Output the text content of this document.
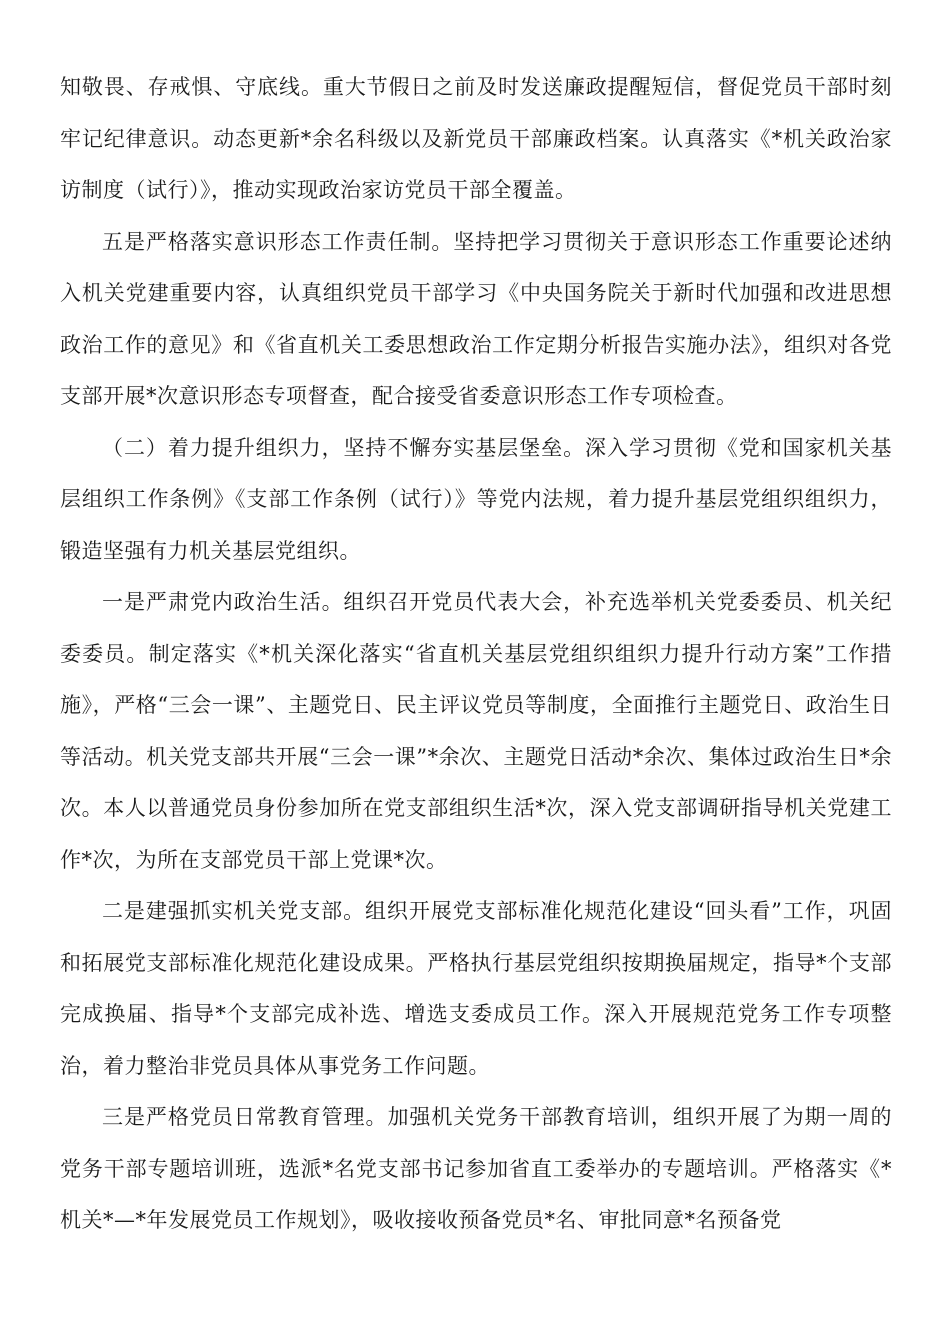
知敬畏、存戒惧、守底线。重大节假日之前及时发送廉政提醒短信，督促党员干部时刻牢记纪律意识。动态更新*余名科级以及新党员干部廉政档案。认真落实《*机关政治家访制度（试行）》，推动实现政治家访党员干部全覆盖。

五是严格落实意识形态工作责任制。坚持把学习贯彻关于意识形态工作重要论述纳入机关党建重要内容，认真组织党员干部学习《中央国务院关于新时代加强和改进思想政治工作的意见》和《省直机关工委思想政治工作定期分析报告实施办法》，组织对各党支部开展*次意识形态专项督查，配合接受省委意识形态工作专项检查。

（二）着力提升组织力，坚持不懈夯实基层堡垒。深入学习贯彻《党和国家机关基层组织工作条例》《支部工作条例（试行）》等党内法规，着力提升基层党组织组织力，锻造坚强有力机关基层党组织。

一是严肃党内政治生活。组织召开党员代表大会，补充选举机关党委委员、机关纪委委员。制定落实《*机关深化落实“省直机关基层党组织组织力提升行动方案”工作措施》，严格“三会一课”、主题党日、民主评议党员等制度，全面推行主题党日、政治生日等活动。机关党支部共开展“三会一课”*余次、主题党日活动*余次、集体过政治生日*余次。本人以普通党员身份参加所在党支部组织生活*次，深入党支部调研指导机关党建工作*次，为所在支部党员干部上党课*次。

二是建强抓实机关党支部。组织开展党支部标准化规范化建设“回头看”工作，巩固和拓展党支部标准化规范化建设成果。严格执行基层党组织按期换届规定，指导*个支部完成换届、指导*个支部完成补选、增选支委成员工作。深入开展规范党务工作专项整治，着力整治非党员具体从事党务工作问题。

三是严格党员日常教育管理。加强机关党务干部教育培训，组织开展了为期一周的党务干部专题培训班，选派*名党支部书记参加省直工委举办的专题培训。严格落实《*机关*—*年发展党员工作规划》，吸收接收预备党员*名、审批同意*名预备党
